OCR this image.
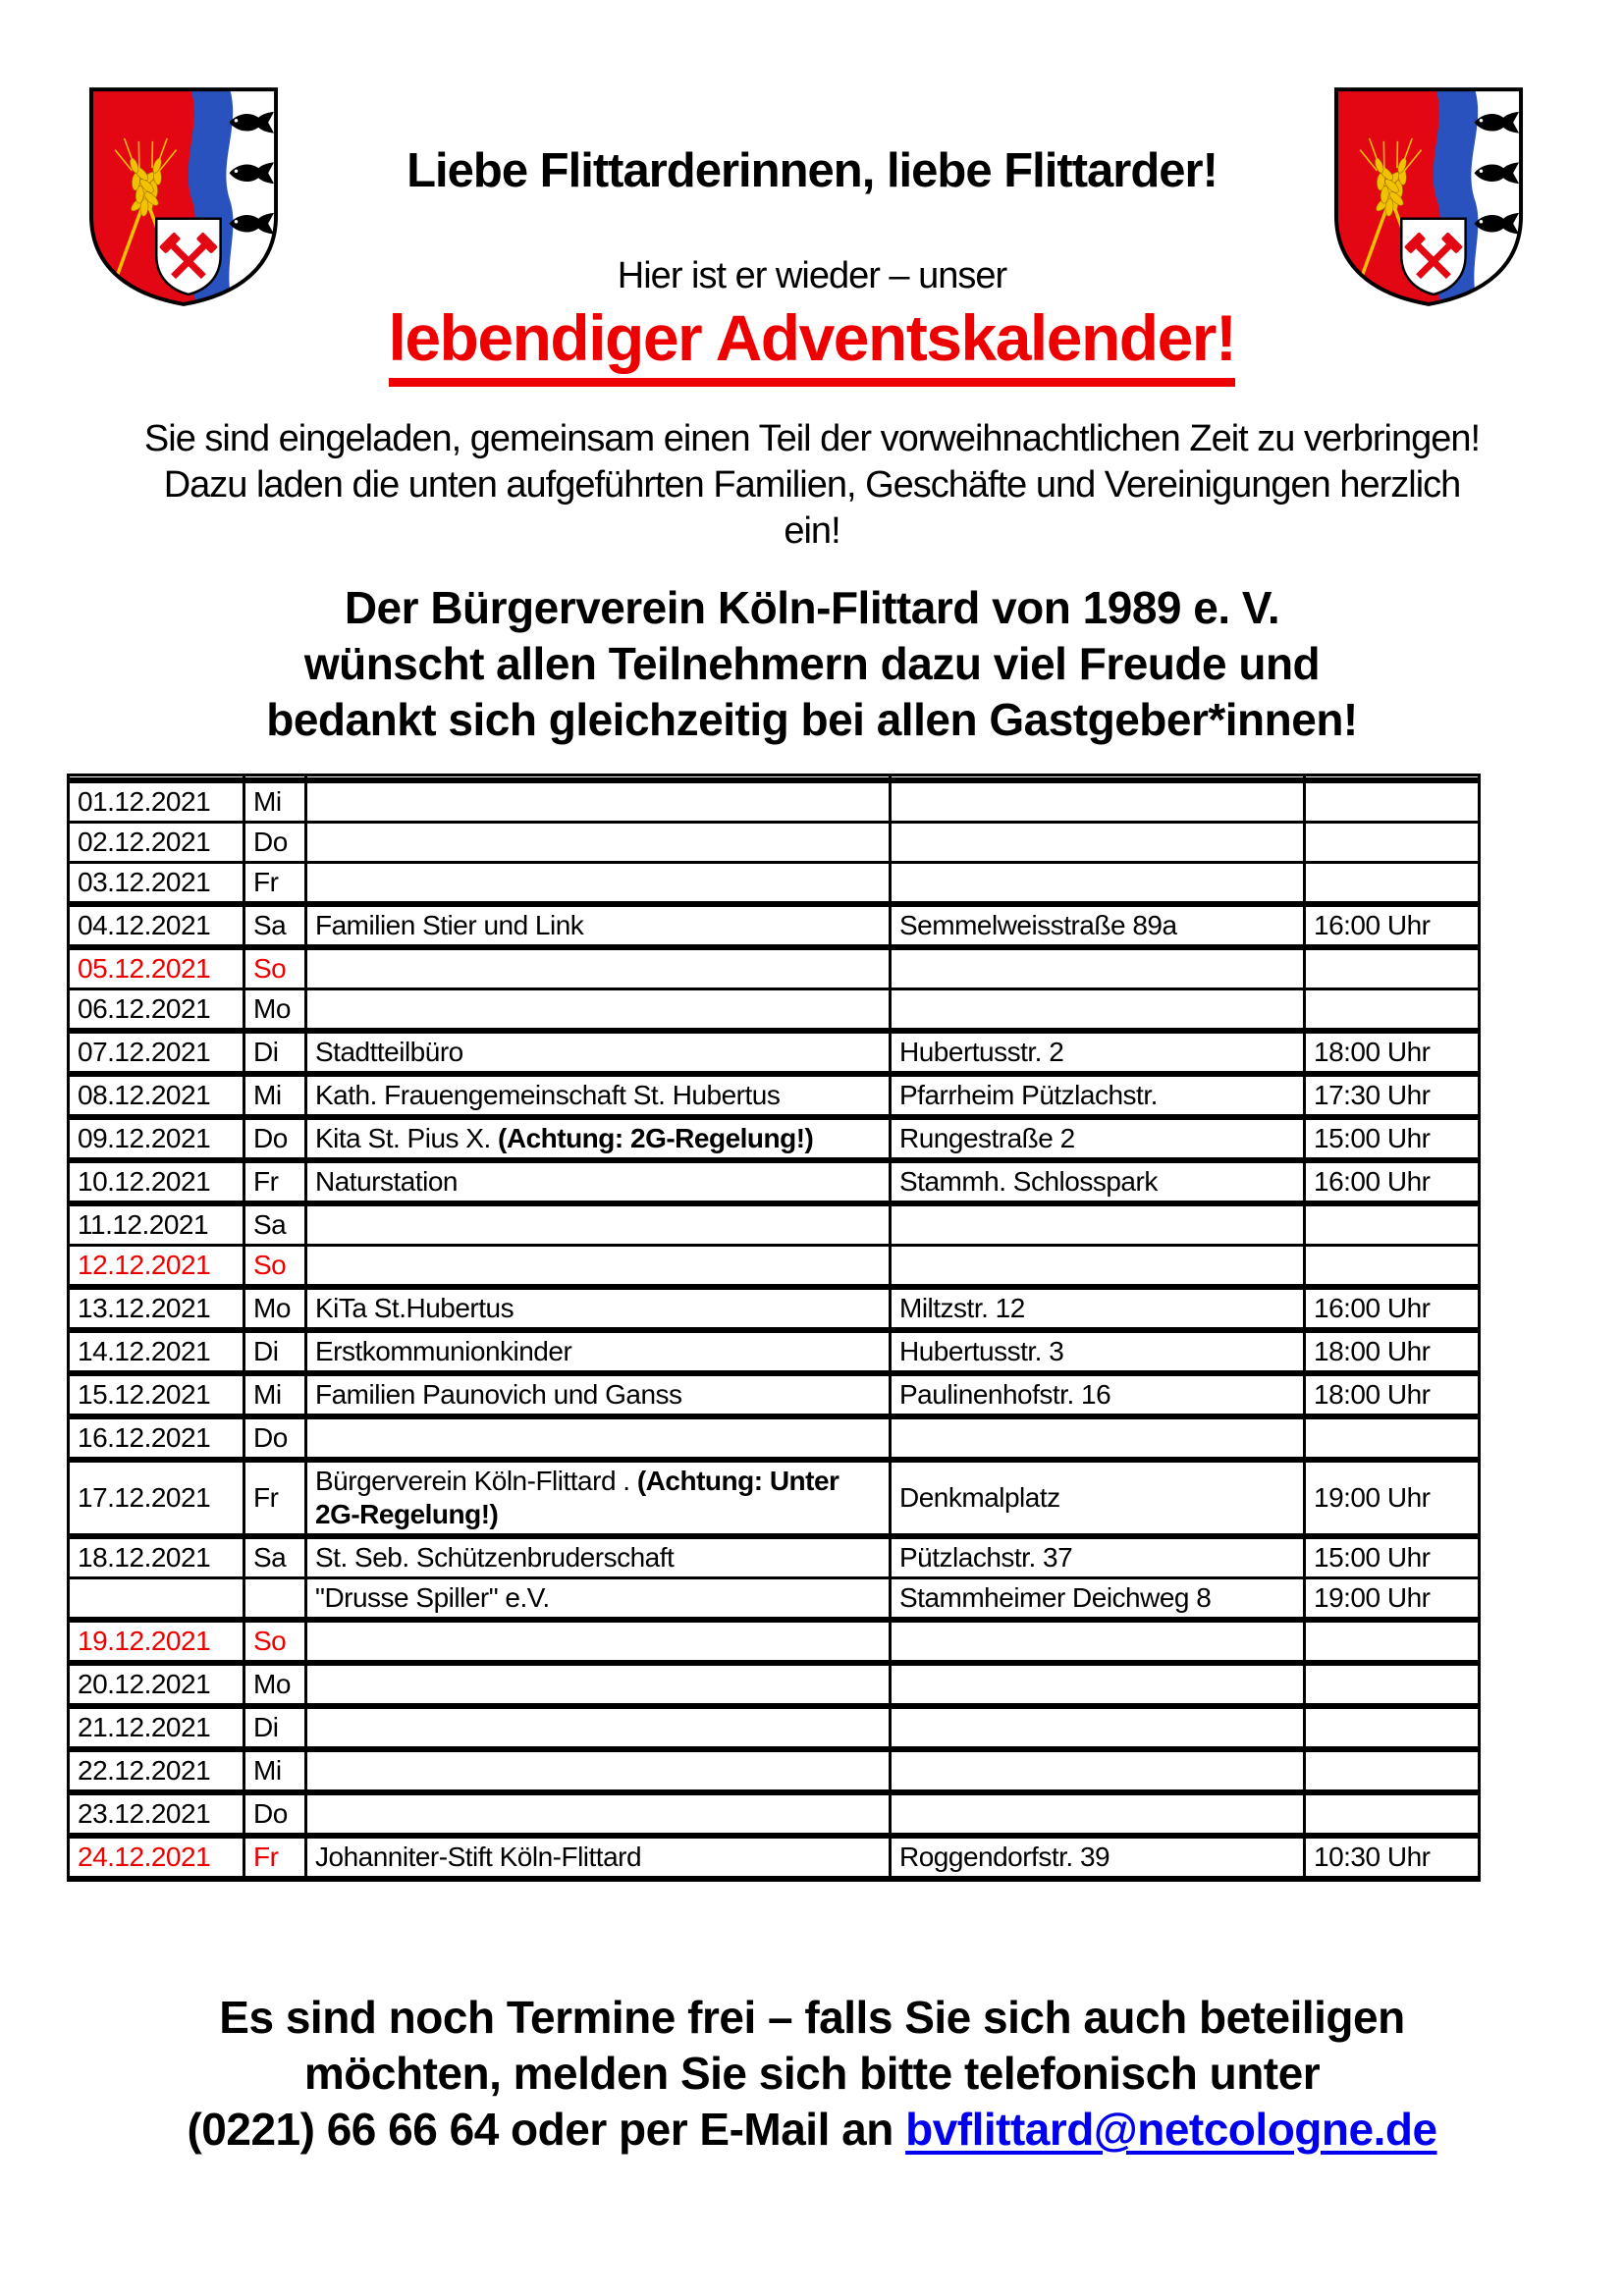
Liebe Flittarderinnen, liebe Flittarder!

Hier ist er wieder – unser

lebendiger Adventskalender!
Sie sind eingeladen, gemeinsam einen Teil der vorweihnachtlichen Zeit zu verbringen!
Dazu laden die unten aufgeführten Familien, Geschäfte und Vereinigungen herzlich
ein!
Der Bürgerverein Köln-Flittard von 1989 e. V.
wünscht allen Teilnehmern dazu viel Freude und
bedankt sich gleichzeitig bei allen Gastgeber*innen!

01.12.2021	Mi			
02.12.2021	Do			
03.12.2021	Fr			
04.12.2021	Sa	Familien Stier und Link	Semmelweisstraße 89a	16:00 Uhr
05.12.2021	So			
06.12.2021	Mo			
07.12.2021	Di	Stadtteilbüro	Hubertusstr. 2	18:00 Uhr
08.12.2021	Mi	Kath. Frauengemeinschaft St. Hubertus	Pfarrheim Pützlachstr.	17:30 Uhr
09.12.2021	Do	Kita St. Pius X. (Achtung: 2G-Regelung!)	Rungestraße 2	15:00 Uhr
10.12.2021	Fr	Naturstation	Stammh. Schlosspark	16:00 Uhr
11.12.2021	Sa			
12.12.2021	So			
13.12.2021	Mo	KiTa St.Hubertus	Miltzstr. 12	16:00 Uhr
14.12.2021	Di	Erstkommunionkinder	Hubertusstr. 3	18:00 Uhr
15.12.2021	Mi	Familien Paunovich und Ganss	Paulinenhofstr. 16	18:00 Uhr
16.12.2021	Do			
17.12.2021	Fr	Bürgerverein Köln-Flittard . (Achtung: Unter 2G-Regelung!)	Denkmalplatz	19:00 Uhr
18.12.2021	Sa	St. Seb. Schützenbruderschaft	Pützlachstr. 37	15:00 Uhr
		"Drusse Spiller" e.V.	Stammheimer Deichweg 8	19:00 Uhr
19.12.2021	So			
20.12.2021	Mo			
21.12.2021	Di			
22.12.2021	Mi			
23.12.2021	Do			
24.12.2021	Fr	Johanniter-Stift Köln-Flittard	Roggendorfstr. 39	10:30 Uhr
Es sind noch Termine frei – falls Sie sich auch beteiligen
möchten, melden Sie sich bitte telefonisch unter
(0221) 66 66 64 oder per E-Mail an bvflittard@netcologne.de
